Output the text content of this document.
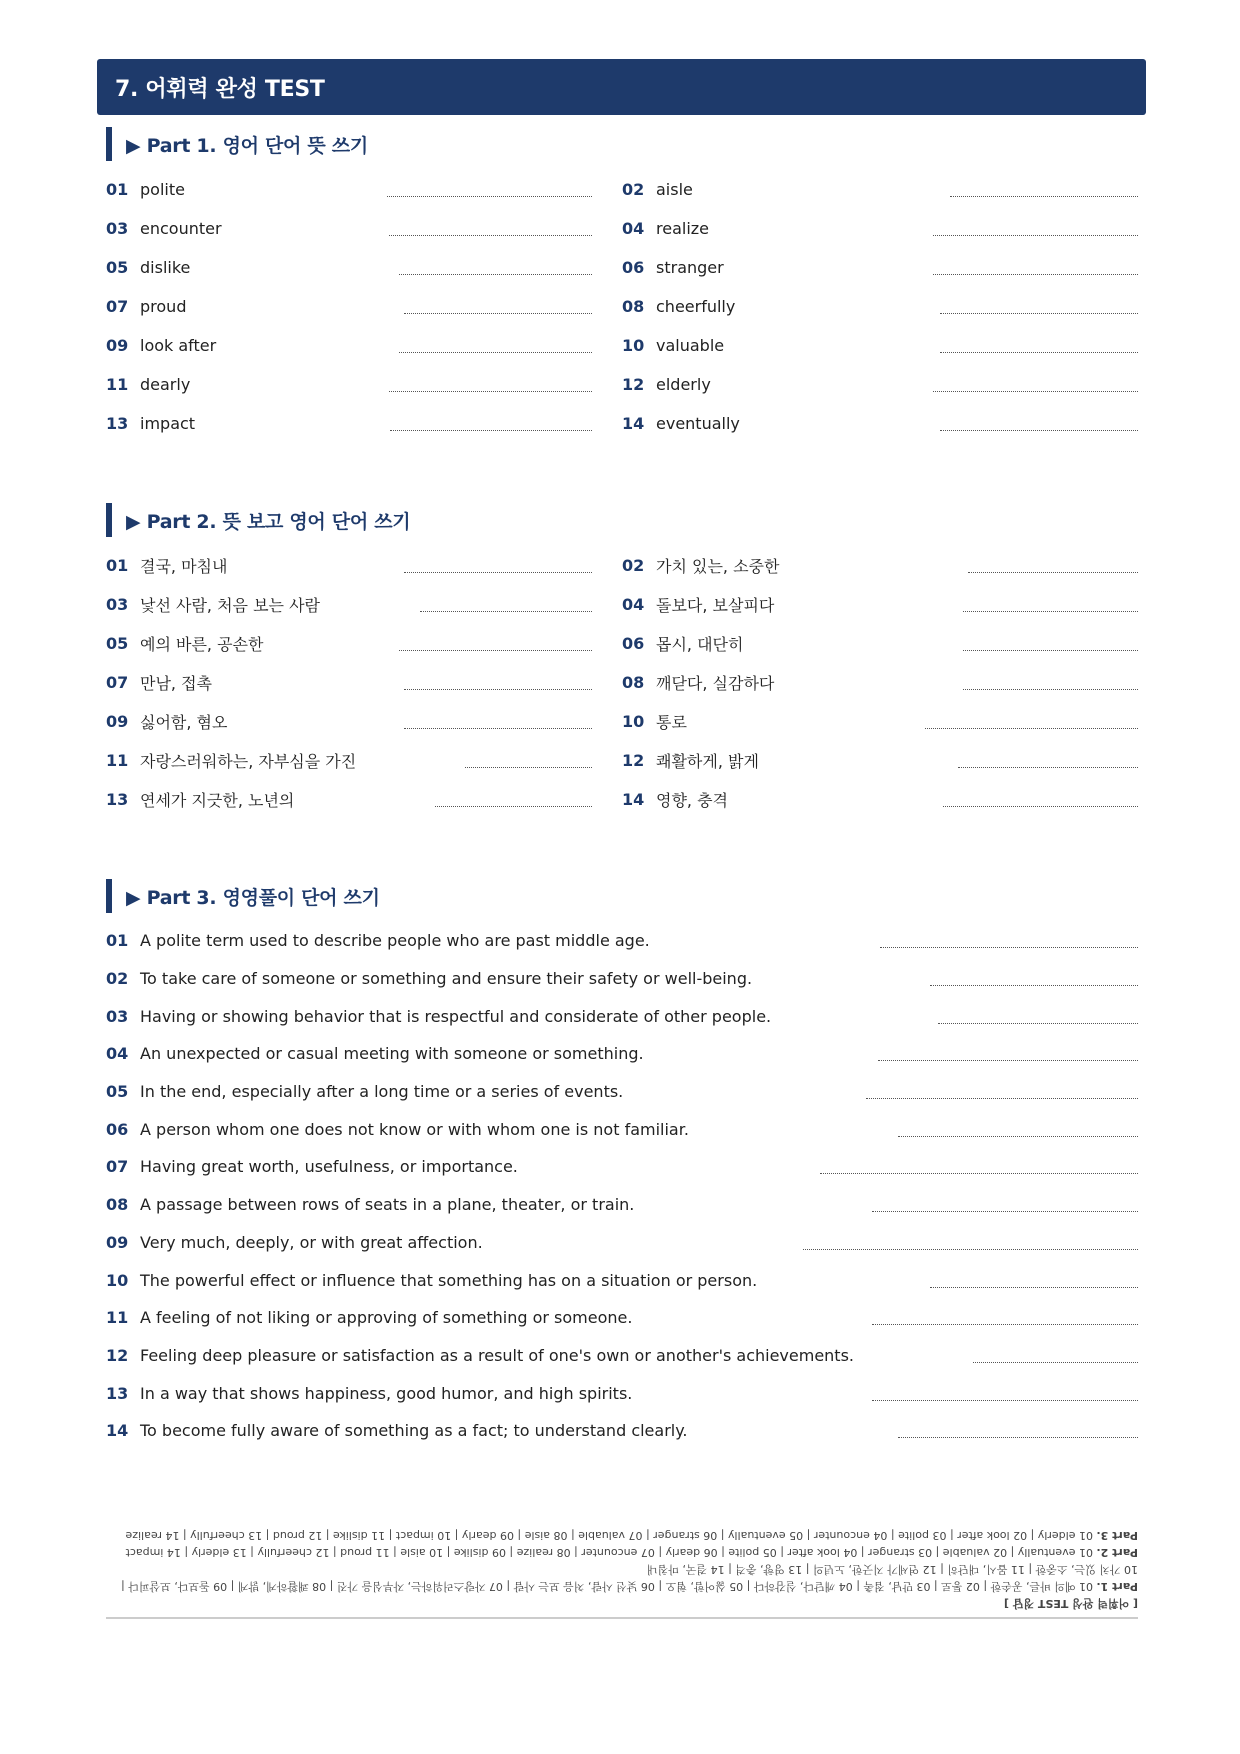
7. 어휘력 완성 TEST
▶ Part 1. 영어 단어 뜻 쓰기
01 polite	02 aisle
03 encounter	04 realize
05 dislike	06 stranger
07 proud	08 cheerfully
09 look after	10 valuable
11 dearly	12 elderly
13 impact	14 eventually
▶ Part 2. 뜻 보고 영어 단어 쓰기
01 결국, 마침내	02 가치 있는, 소중한
03 낯선 사람, 처음 보는 사람	04 돌보다, 보살피다
05 예의 바른, 공손한	06 몹시, 대단히
07 만남, 접촉	08 깨닫다, 실감하다
09 싫어함, 혐오	10 통로
11 자랑스러워하는, 자부심을 가진	12 쾌활하게, 밝게
13 연세가 지긋한, 노년의	14 영향, 충격
▶ Part 3. 영영풀이 단어 쓰기
01 A polite term used to describe people who are past middle age.
02 To take care of someone or something and ensure their safety or well-being.
03 Having or showing behavior that is respectful and considerate of other people.
04 An unexpected or casual meeting with someone or something.
05 In the end, especially after a long time or a series of events.
06 A person whom one does not know or with whom one is not familiar.
07 Having great worth, usefulness, or importance.
08 A passage between rows of seats in a plane, theater, or train.
09 Very much, deeply, or with great affection.
10 The powerful effect or influence that something has on a situation or person.
11 A feeling of not liking or approving of something or someone.
12 Feeling deep pleasure or satisfaction as a result of one's own or another's achievements.
13 In a way that shows happiness, good humor, and high spirits.
14 To become fully aware of something as a fact; to understand clearly.
[ 어휘력 완성 TEST 정답 ]
Part 1. 01 예의 바른, 공손한 | 02 통로 | 03 만남, 접촉 | 04 깨닫다, 실감하다 | 05 싫어함, 혐오 | 06 낯선 사람, 처음 보는 사람 | 07 자랑스러워하는, 자부심을 가진 | 08 쾌활하게, 밝게 | 09 돌보다, 보살피다 | 10 가치 있는, 소중한 | 11 몹시, 대단히 | 12 연세가 지긋한, 노년의 | 13 영향, 충격 | 14 결국, 마침내
Part 2. 01 eventually | 02 valuable | 03 stranger | 04 look after | 05 polite | 06 dearly | 07 encounter | 08 realize | 09 dislike | 10 aisle | 11 proud | 12 cheerfully | 13 elderly | 14 impact
Part 3. 01 elderly | 02 look after | 03 polite | 04 encounter | 05 eventually | 06 stranger | 07 valuable | 08 aisle | 09 dearly | 10 impact | 11 dislike | 12 proud | 13 cheerfully | 14 realize
